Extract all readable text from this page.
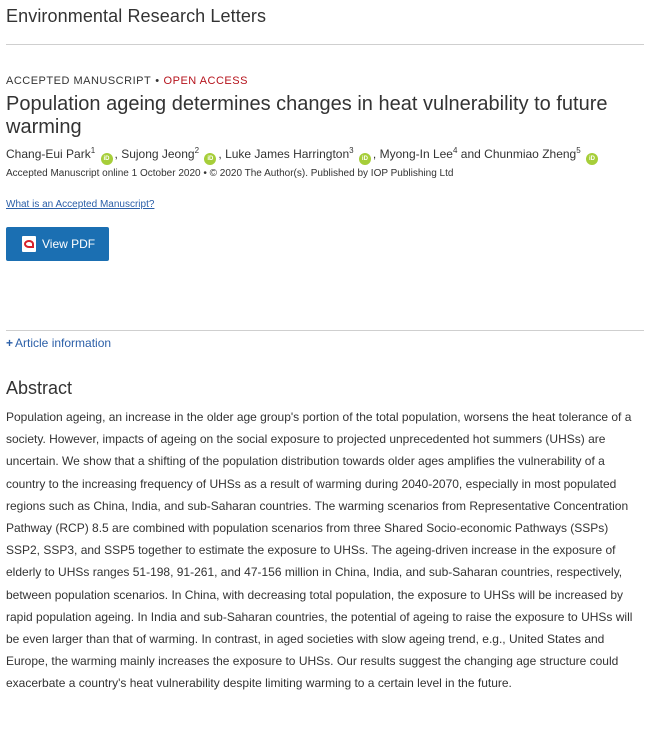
Environmental Research Letters
ACCEPTED MANUSCRIPT • OPEN ACCESS
Population ageing determines changes in heat vulnerability to future warming
Chang-Eui Park$^1$ iD , Sujong Jeong$^2$ iD , Luke James Harrington$^3$ iD , Myong-In Lee$^4$ and Chunmiao Zheng$^5$ iD
Accepted Manuscript online 1 October 2020 • © 2020 The Author(s). Published by IOP Publishing Ltd
What is an Accepted Manuscript?
View PDF
+ Article information
Abstract
Population ageing, an increase in the older age group's portion of the total population, worsens the heat tolerance of a society. However, impacts of ageing on the social exposure to projected unprecedented hot summers (UHSs) are uncertain. We show that a shifting of the population distribution towards older ages amplifies the vulnerability of a country to the increasing frequency of UHSs as a result of warming during 2040-2070, especially in most populated regions such as China, India, and sub-Saharan countries. The warming scenarios from Representative Concentration Pathway (RCP) 8.5 are combined with population scenarios from three Shared Socio-economic Pathways (SSPs) SSP2, SSP3, and SSP5 together to estimate the exposure to UHSs. The ageing-driven increase in the exposure of elderly to UHSs ranges 51-198, 91-261, and 47-156 million in China, India, and sub-Saharan countries, respectively, between population scenarios. In China, with decreasing total population, the exposure to UHSs will be increased by rapid population ageing. In India and sub-Saharan countries, the potential of ageing to raise the exposure to UHSs will be even larger than that of warming. In contrast, in aged societies with slow ageing trend, e.g., United States and Europe, the warming mainly increases the exposure to UHSs. Our results suggest the changing age structure could exacerbate a country's heat vulnerability despite limiting warming to a certain level in the future.
